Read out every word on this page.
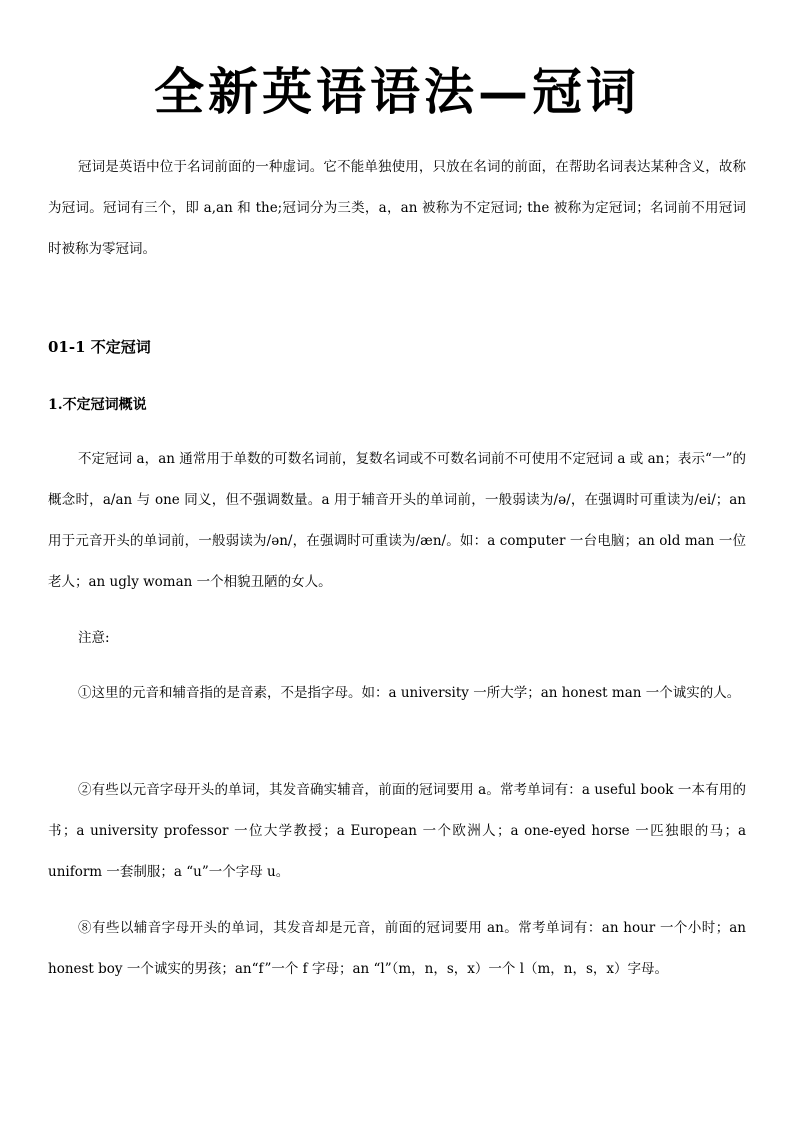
全新英语语法—冠词

冠词是英语中位于名词前面的一种虚词。它不能单独使用，只放在名词的前面，在帮助名词表达某种含义，故称为冠词。冠词有三个，即 a,an 和 the;冠词分为三类，a，an 被称为不定冠词; the 被称为定冠词；名词前不用冠词时被称为零冠词。

01-1 不定冠词

1.不定冠词概说

不定冠词 a，an 通常用于单数的可数名词前，复数名词或不可数名词前不可使用不定冠词 a 或 an；表示“一”的概念时，a/an 与 one 同义，但不强调数量。a 用于辅音开头的单词前，一般弱读为/ə/，在强调时可重读为/ei/；an 用于元音开头的单词前，一般弱读为/ən/，在强调时可重读为/æn/。如：a computer 一台电脑；an old man 一位老人；an ugly woman 一个相貌丑陋的女人。

注意:

①这里的元音和辅音指的是音素，不是指字母。如：a university 一所大学；an honest man 一个诚实的人。

②有些以元音字母开头的单词，其发音确实辅音，前面的冠词要用 a。常考单词有：a useful book 一本有用的书；a university professor 一位大学教授；a European 一个欧洲人；a one-eyed horse 一匹独眼的马；a uniform 一套制服；a “u”一个字母 u。

⑧有些以辅音字母开头的单词，其发音却是元音，前面的冠词要用 an。常考单词有：an hour 一个小时；an honest boy 一个诚实的男孩；an“f”一个 f 字母；an “l”（m，n，s，x）一个 l（m，n，s，x）字母。
